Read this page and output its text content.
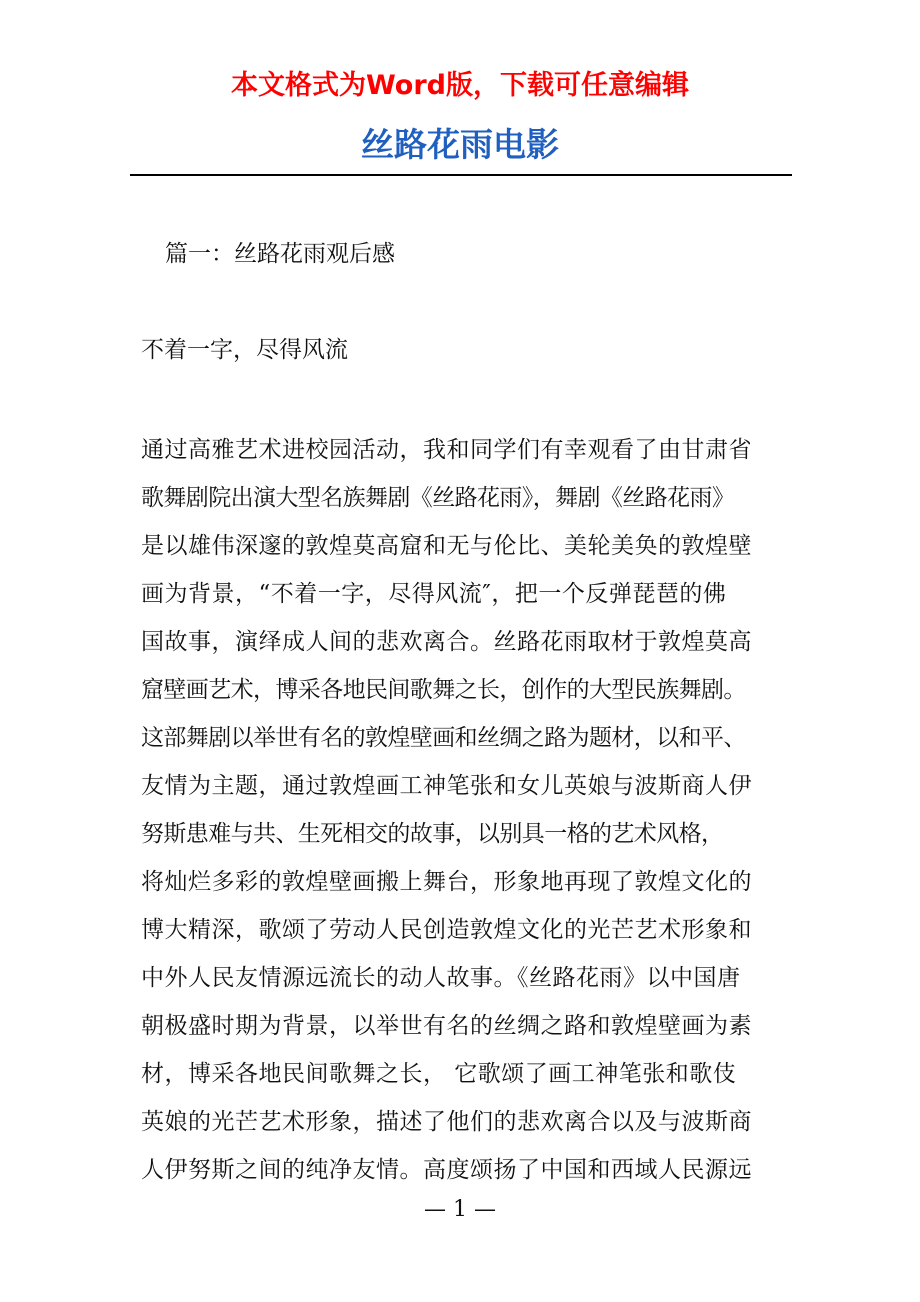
本文格式为Word版，下载可任意编辑
丝路花雨电影
篇一：丝路花雨观后感
不着一字，尽得风流
通过高雅艺术进校园活动，我和同学们有幸观看了由甘肃省
歌舞剧院出演大型名族舞剧《丝路花雨》，舞剧《丝路花雨》
是以雄伟深邃的敦煌莫高窟和无与伦比、美轮美奂的敦煌壁
画为背景，“不着一字，尽得风流″，把一个反弹琵琶的佛
国故事，演绎成人间的悲欢离合。丝路花雨取材于敦煌莫高
窟壁画艺术，博采各地民间歌舞之长，创作的大型民族舞剧。
这部舞剧以举世有名的敦煌壁画和丝绸之路为题材，以和平、
友情为主题，通过敦煌画工神笔张和女儿英娘与波斯商人伊
努斯患难与共、生死相交的故事，以别具一格的艺术风格，
将灿烂多彩的敦煌壁画搬上舞台，形象地再现了敦煌文化的
博大精深，歌颂了劳动人民创造敦煌文化的光芒艺术形象和
中外人民友情源远流长的动人故事。《丝路花雨》以中国唐
朝极盛时期为背景，以举世有名的丝绸之路和敦煌壁画为素
材，博采各地民间歌舞之长， 它歌颂了画工神笔张和歌伎
英娘的光芒艺术形象，描述了他们的悲欢离合以及与波斯商
人伊努斯之间的纯净友情。高度颂扬了中国和西域人民源远
— 1 —
